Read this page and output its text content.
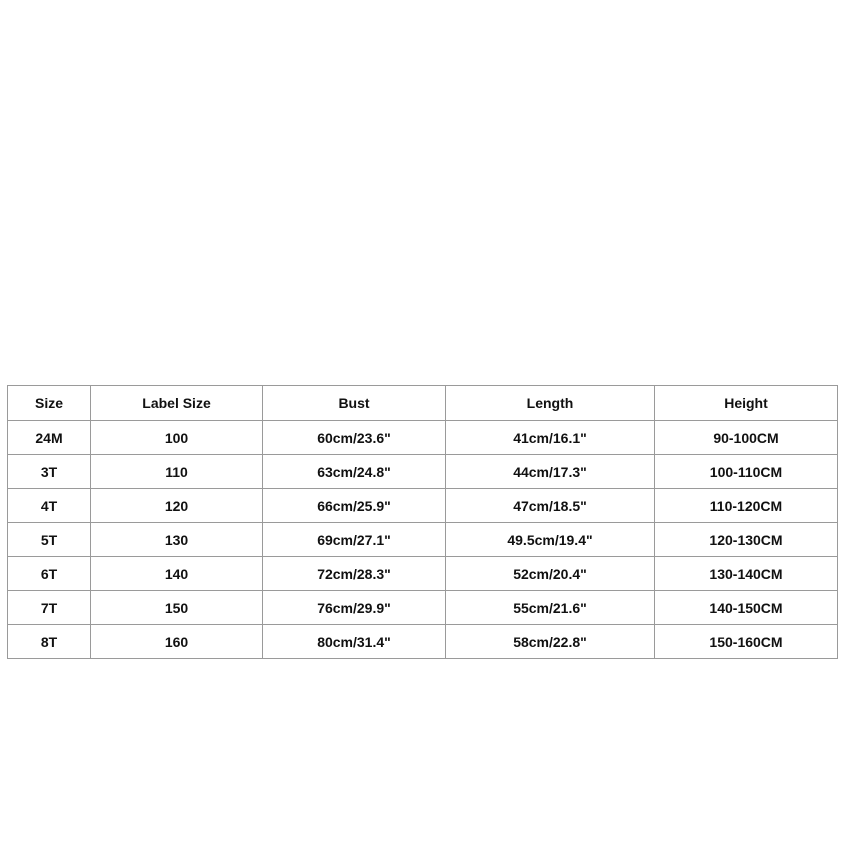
Size	Label Size	Bust	Length	Height
24M	100	60cm/23.6"	41cm/16.1"	90-100CM
3T	110	63cm/24.8"	44cm/17.3"	100-110CM
4T	120	66cm/25.9"	47cm/18.5"	110-120CM
5T	130	69cm/27.1"	49.5cm/19.4"	120-130CM
6T	140	72cm/28.3"	52cm/20.4"	130-140CM
7T	150	76cm/29.9"	55cm/21.6"	140-150CM
8T	160	80cm/31.4"	58cm/22.8"	150-160CM
